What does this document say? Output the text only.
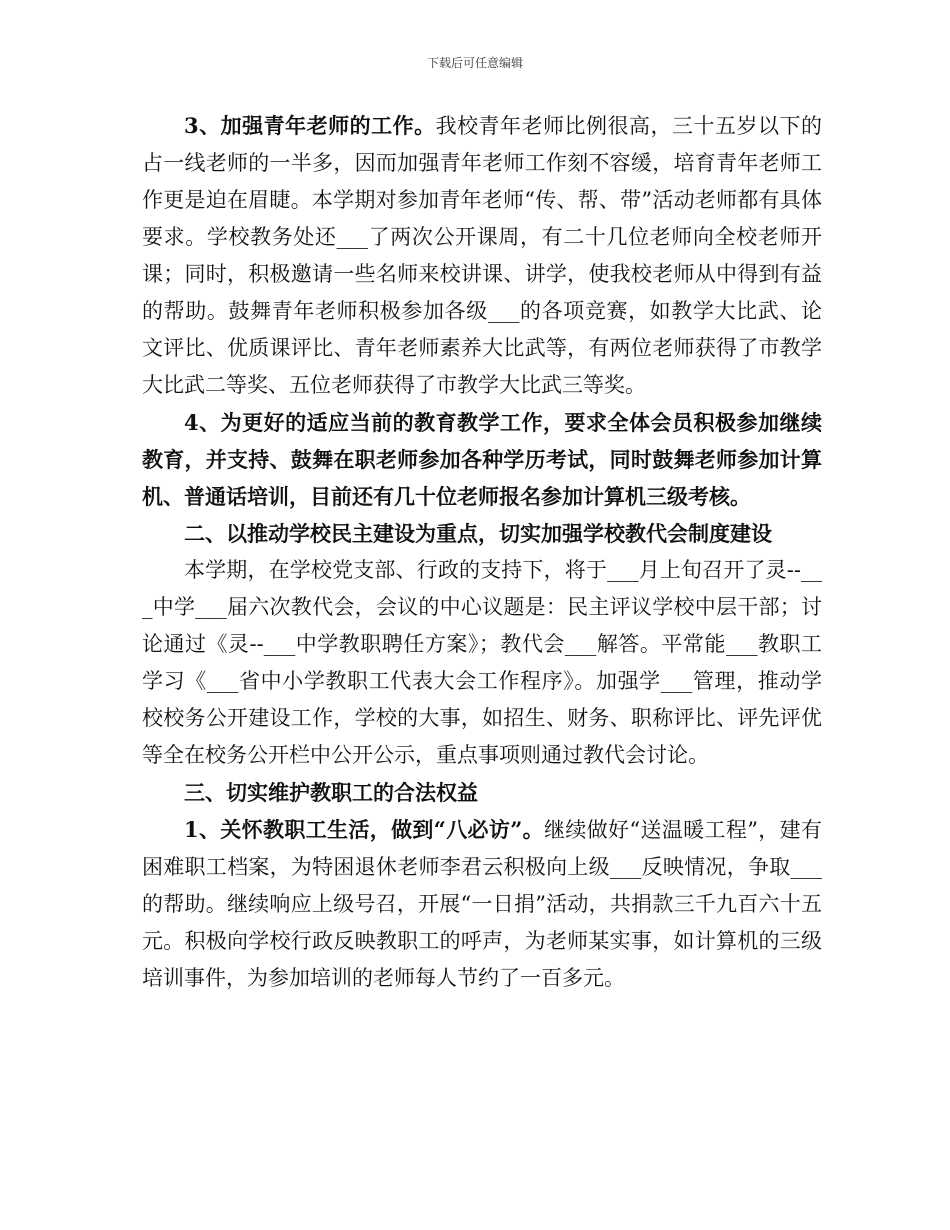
下载后可任意编辑

3、加强青年老师的工作。我校青年老师比例很高，三十五岁以下的占一线老师的一半多，因而加强青年老师工作刻不容缓，培育青年老师工作更是迫在眉睫。本学期对参加青年老师“传、帮、带”活动老师都有具体要求。学校教务处还___了两次公开课周，有二十几位老师向全校老师开课；同时，积极邀请一些名师来校讲课、讲学，使我校老师从中得到有益的帮助。鼓舞青年老师积极参加各级___的各项竞赛，如教学大比武、论文评比、优质课评比、青年老师素养大比武等，有两位老师获得了市教学大比武二等奖、五位老师获得了市教学大比武三等奖。

4、为更好的适应当前的教育教学工作，要求全体会员积极参加继续教育，并支持、鼓舞在职老师参加各种学历考试，同时鼓舞老师参加计算机、普通话培训，目前还有几十位老师报名参加计算机三级考核。

二、以推动学校民主建设为重点，切实加强学校教代会制度建设

本学期，在学校党支部、行政的支持下，将于___月上旬召开了灵--___中学___届六次教代会，会议的中心议题是：民主评议学校中层干部；讨论通过《灵--___中学教职聘任方案》；教代会___解答。平常能___教职工学习《___省中小学教职工代表大会工作程序》。加强学___管理，推动学校校务公开建设工作，学校的大事，如招生、财务、职称评比、评先评优等全在校务公开栏中公开公示，重点事项则通过教代会讨论。

三、切实维护教职工的合法权益

1、关怀教职工生活，做到“八必访”。继续做好“送温暖工程”，建有困难职工档案，为特困退休老师李君云积极向上级___反映情况，争取___的帮助。继续响应上级号召，开展“一日捐”活动，共捐款三千九百六十五元。积极向学校行政反映教职工的呼声，为老师某实事，如计算机的三级培训事件，为参加培训的老师每人节约了一百多元。
